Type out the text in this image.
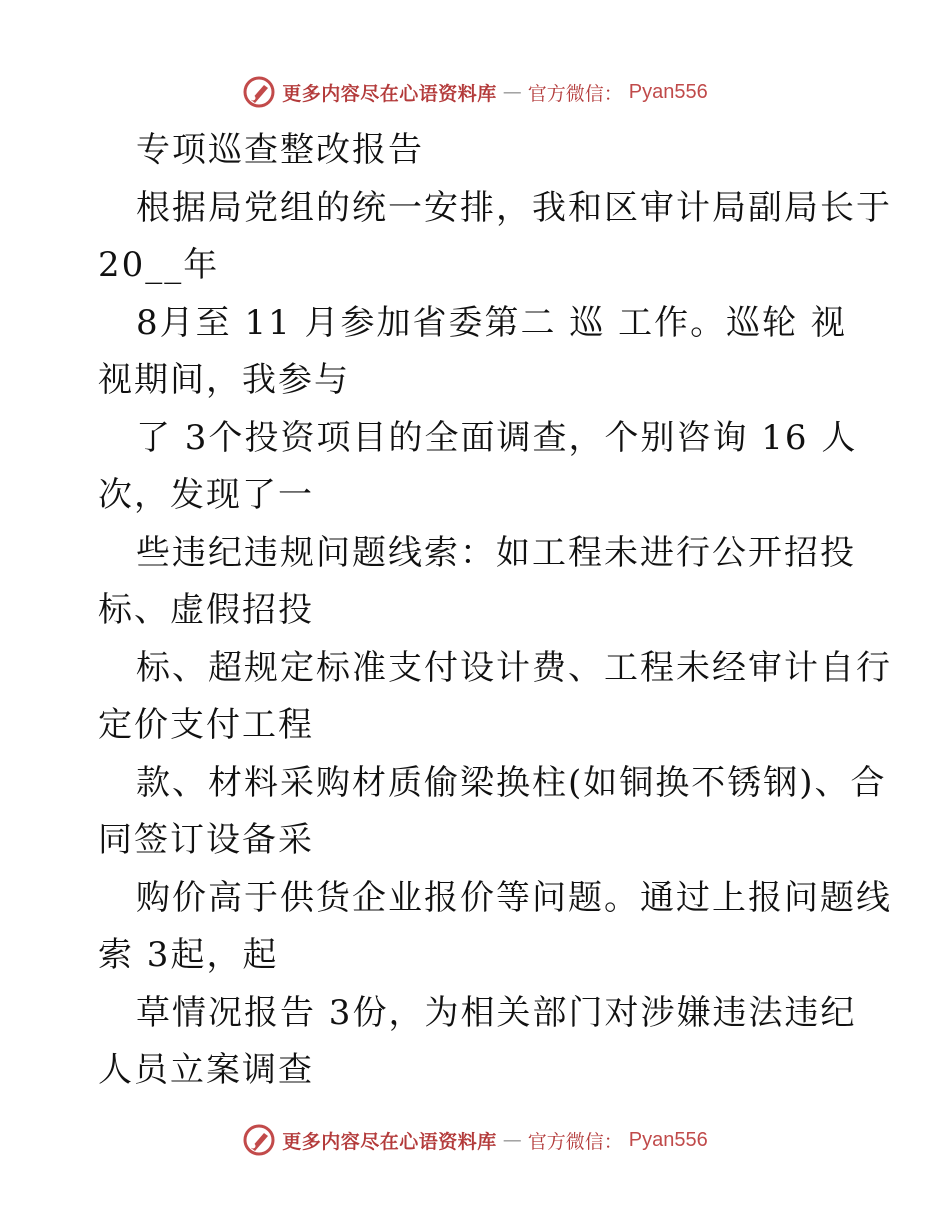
更多内容尽在心语资料库 — 官方微信： Pyan556
专项巡查整改报告
根据局党组的统一安排，我和区审计局副局长于
20__年
8月至 11 月参加省委第二 巡 工作。巡轮 视
视期间，我参与
了 3个投资项目的全面调查，个别咨询 16 人
次，发现了一
些违纪违规问题线索：如工程未进行公开招投
标、虚假招投
标、超规定标准支付设计费、工程未经审计自行
定价支付工程
款、材料采购材质偷梁换柱(如铜换不锈钢)、合
同签订设备采
购价高于供货企业报价等问题。通过上报问题线
索 3起，起
草情况报告 3份，为相关部门对涉嫌违法违纪
人员立案调查
更多内容尽在心语资料库 — 官方微信： Pyan556
